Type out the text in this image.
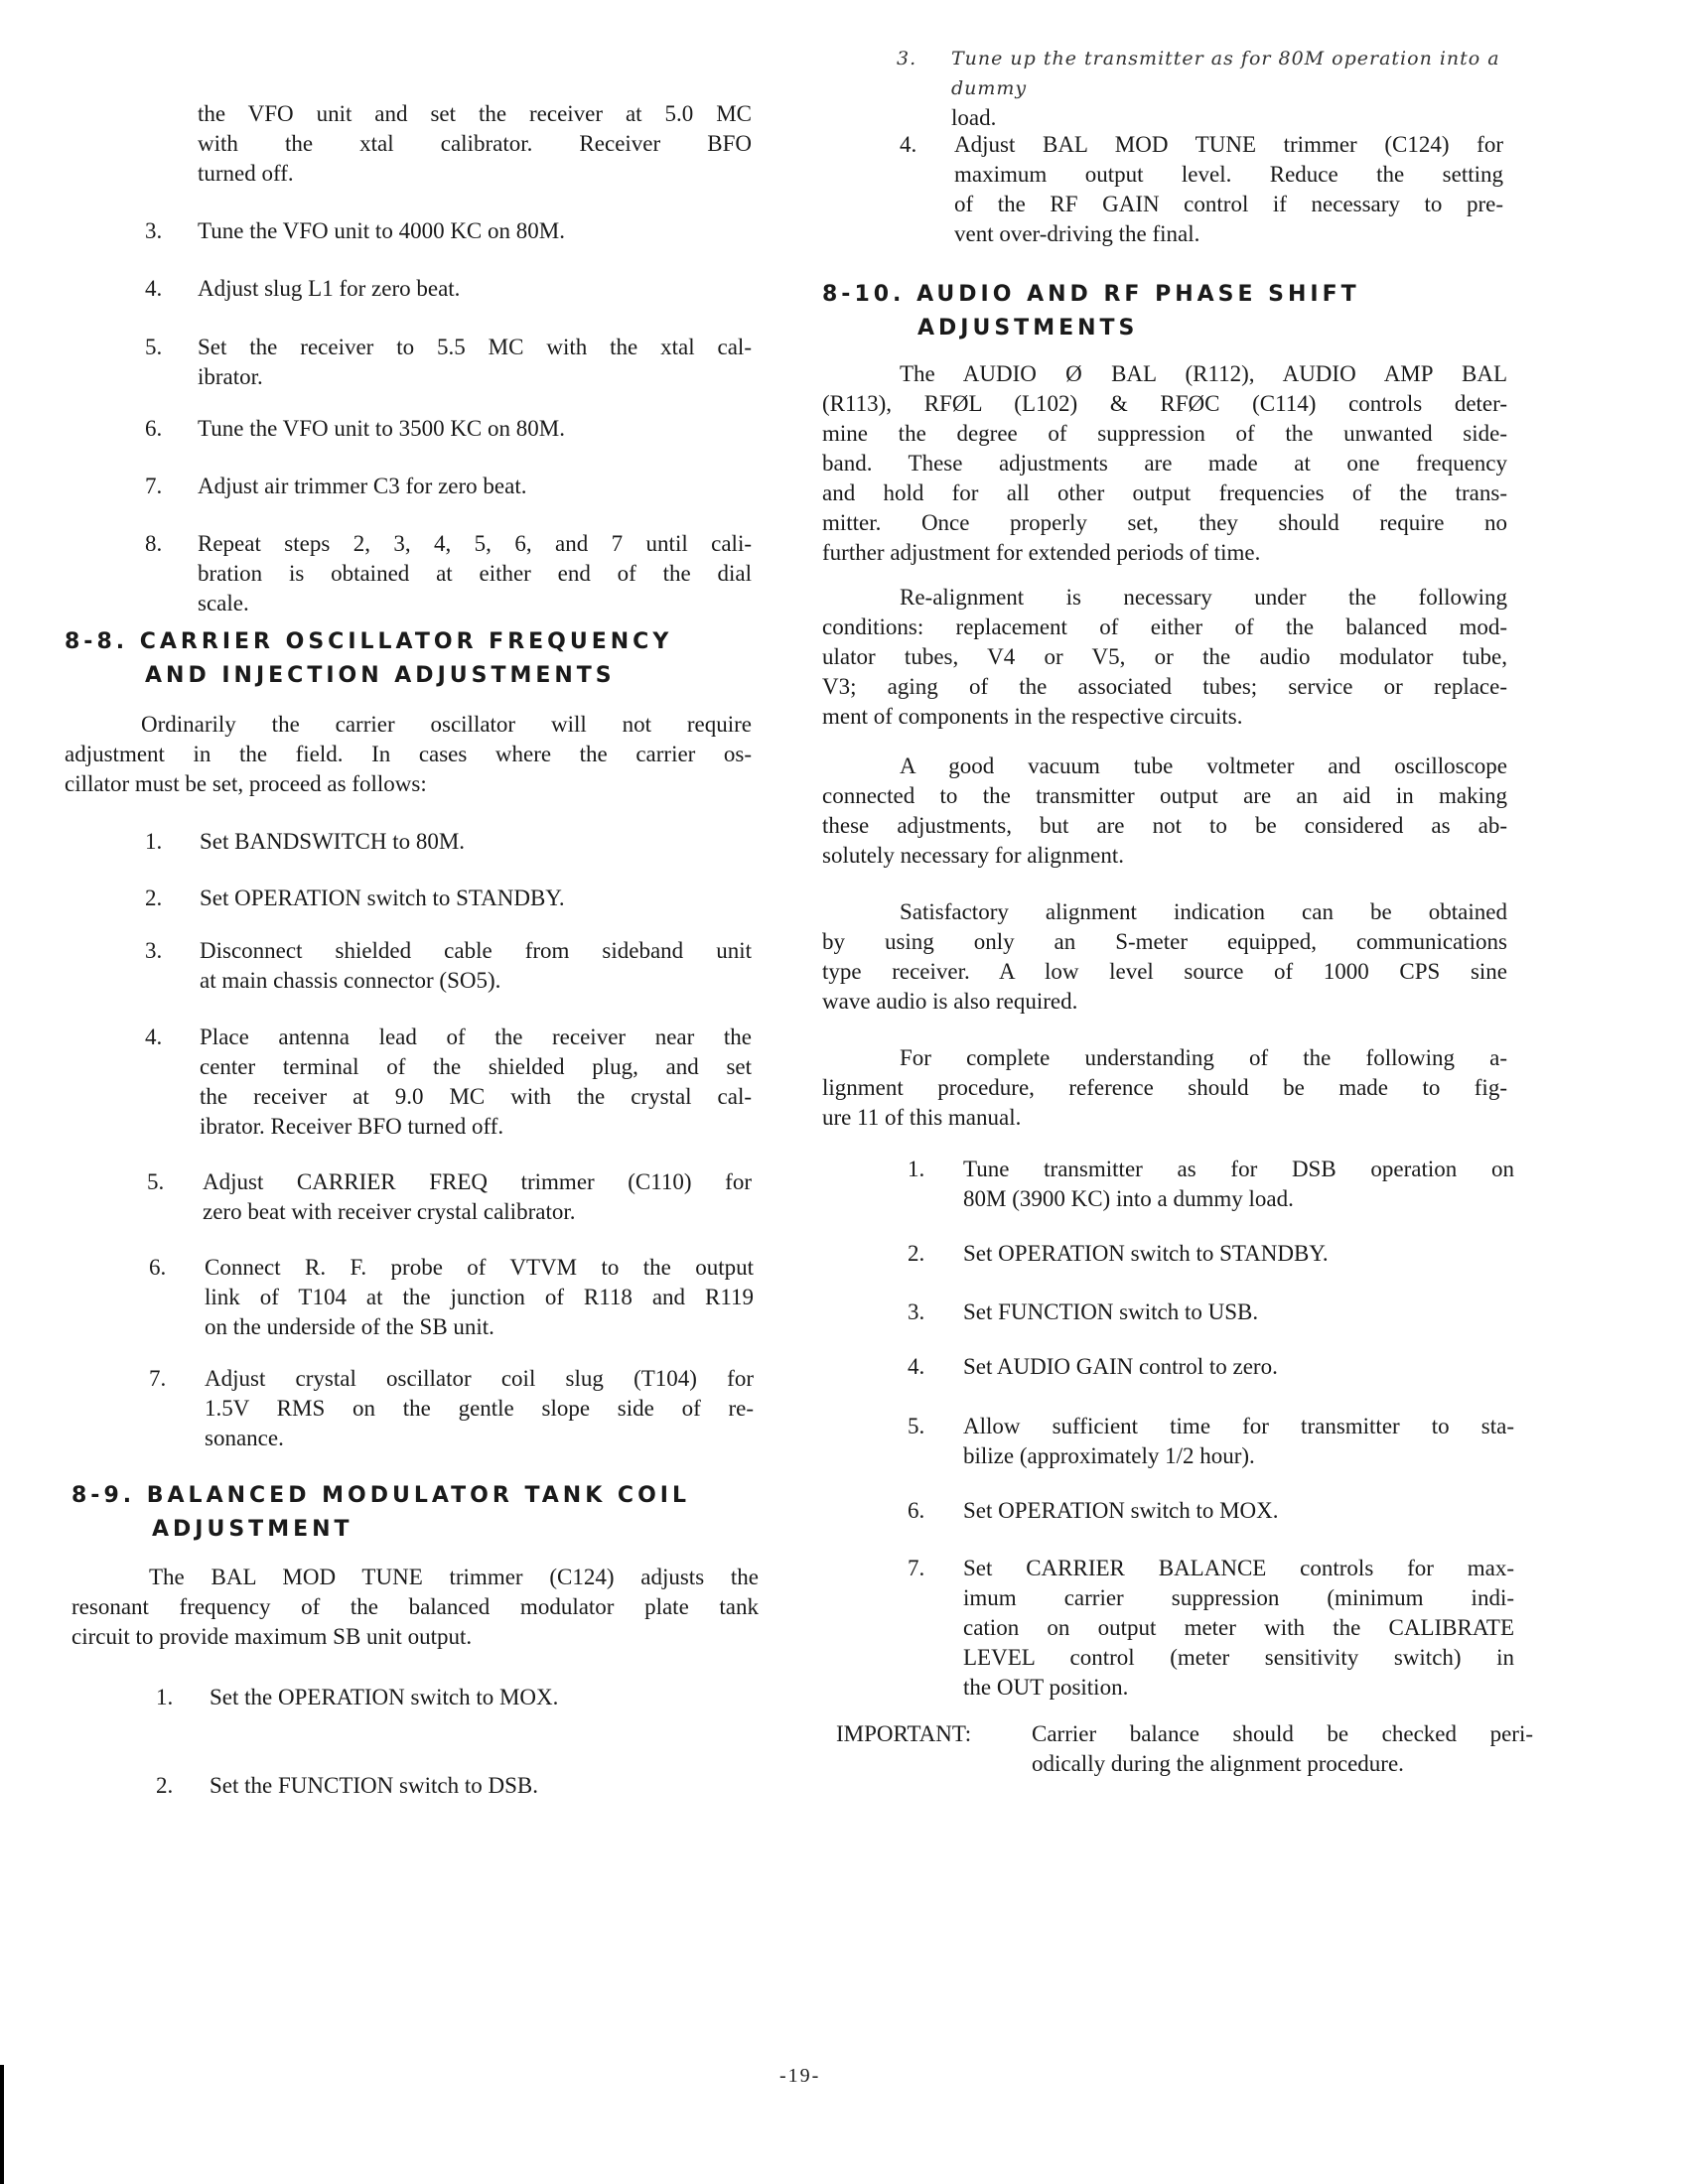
the VFO unit and set the receiver at 5.0 MC
with the xtal calibrator. Receiver BFO
turned off.
3. Tune the VFO unit to 4000 KC on 80M.
4. Adjust slug L1 for zero beat.
5. Set the receiver to 5.5 MC with the xtal cal-
ibrator.
6. Tune the VFO unit to 3500 KC on 80M.
7. Adjust air trimmer C3 for zero beat.
8. Repeat steps 2, 3, 4, 5, 6, and 7 until cali-
bration is obtained at either end of the dial
scale.
8-8. CARRIER OSCILLATOR FREQUENCY
AND INJECTION ADJUSTMENTS
Ordinarily the carrier oscillator will not require
adjustment in the field. In cases where the carrier os-
cillator must be set, proceed as follows:
1. Set BANDSWITCH to 80M.
2. Set OPERATION switch to STANDBY.
3. Disconnect shielded cable from sideband unit
at main chassis connector (SO5).
4. Place antenna lead of the receiver near the
center terminal of the shielded plug, and set
the receiver at 9.0 MC with the crystal cal-
ibrator. Receiver BFO turned off.
5. Adjust CARRIER FREQ trimmer (C110) for
zero beat with receiver crystal calibrator.
6. Connect R. F. probe of VTVM to the output
link of T104 at the junction of R118 and R119
on the underside of the SB unit.
7. Adjust crystal oscillator coil slug (T104) for
1.5V RMS on the gentle slope side of re-
sonance.
8-9. BALANCED MODULATOR TANK COIL
ADJUSTMENT
The BAL MOD TUNE trimmer (C124) adjusts the
resonant frequency of the balanced modulator plate tank
circuit to provide maximum SB unit output.
1. Set the OPERATION switch to MOX.
2. Set the FUNCTION switch to DSB.
3. Tune up the transmitter as for 80M operation into a dummy
load.
4. Adjust BAL MOD TUNE trimmer (C124) for
maximum output level. Reduce the setting
of the RF GAIN control if necessary to pre-
vent over-driving the final.
8-10. AUDIO AND RF PHASE SHIFT
ADJUSTMENTS
The AUDIO Ø BAL (R112), AUDIO AMP BAL
(R113), RFØL (L102) & RFØC (C114) controls deter-
mine the degree of suppression of the unwanted side-
band. These adjustments are made at one frequency
and hold for all other output frequencies of the trans-
mitter. Once properly set, they should require no
further adjustment for extended periods of time.
Re-alignment is necessary under the following
conditions: replacement of either of the balanced mod-
ulator tubes, V4 or V5, or the audio modulator tube,
V3; aging of the associated tubes; service or replace-
ment of components in the respective circuits.
A good vacuum tube voltmeter and oscilloscope
connected to the transmitter output are an aid in making
these adjustments, but are not to be considered as ab-
solutely necessary for alignment.
Satisfactory alignment indication can be obtained
by using only an S-meter equipped, communications
type receiver. A low level source of 1000 CPS sine
wave audio is also required.
For complete understanding of the following a-
lignment procedure, reference should be made to fig-
ure 11 of this manual.
1. Tune transmitter as for DSB operation on
80M (3900 KC) into a dummy load.
2. Set OPERATION switch to STANDBY.
3. Set FUNCTION switch to USB.
4. Set AUDIO GAIN control to zero.
5. Allow sufficient time for transmitter to sta-
bilize (approximately 1/2 hour).
6. Set OPERATION switch to MOX.
7. Set CARRIER BALANCE controls for max-
imum carrier suppression (minimum indi-
cation on output meter with the CALIBRATE
LEVEL control (meter sensitivity switch) in
the OUT position.
IMPORTANT:	Carrier balance should be checked peri-
odically during the alignment procedure.
-19-
